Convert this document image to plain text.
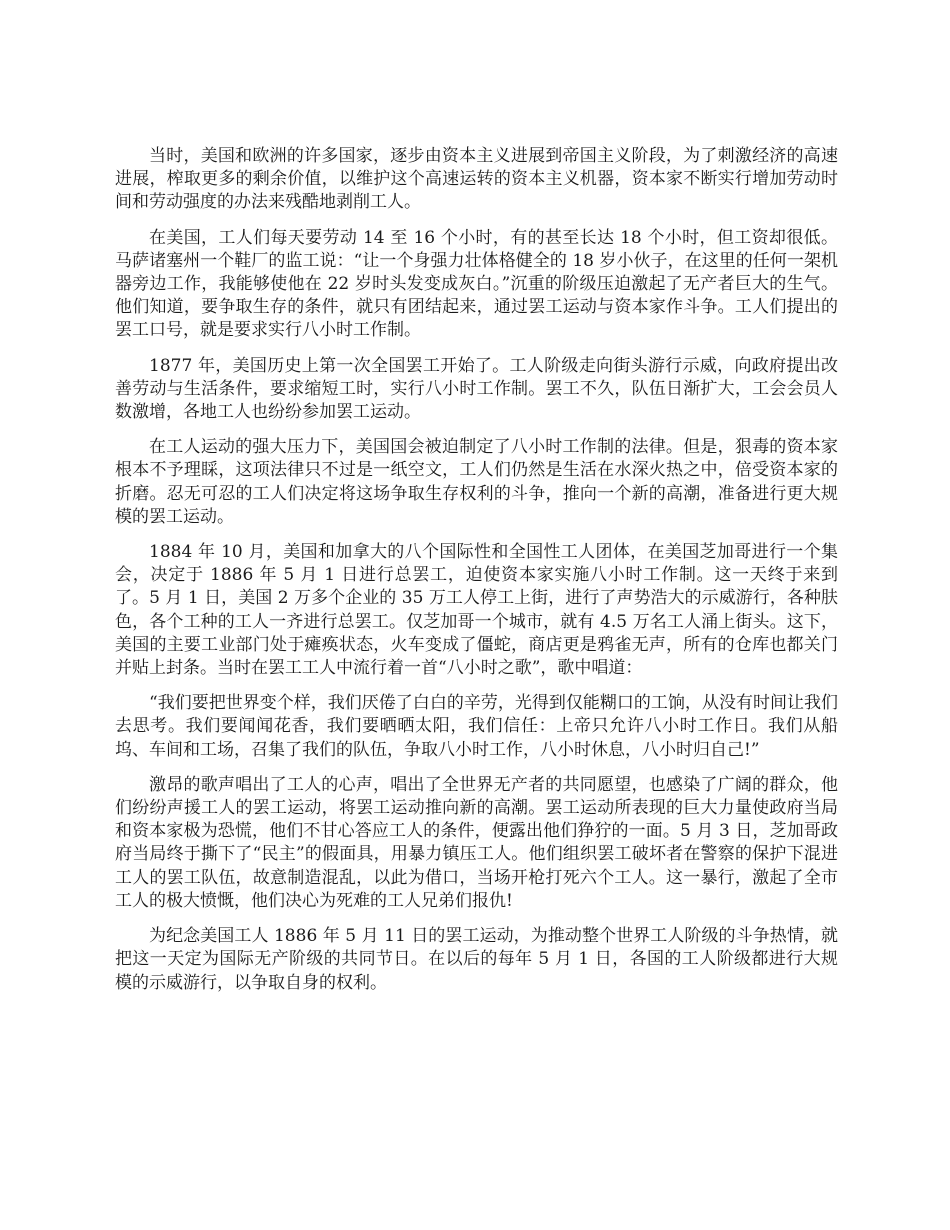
当时，美国和欧洲的许多国家，逐步由资本主义进展到帝国主义阶段，为了刺激经济的高速进展，榨取更多的剩余价值，以维护这个高速运转的资本主义机器，资本家不断实行增加劳动时间和劳动强度的办法来残酷地剥削工人。

在美国，工人们每天要劳动 14 至 16 个小时，有的甚至长达 18 个小时，但工资却很低。马萨诸塞州一个鞋厂的监工说：“让一个身强力壮体格健全的 18 岁小伙子，在这里的任何一架机器旁边工作，我能够使他在 22 岁时头发变成灰白。”沉重的阶级压迫激起了无产者巨大的生气。他们知道，要争取生存的条件，就只有团结起来，通过罢工运动与资本家作斗争。工人们提出的罢工口号，就是要求实行八小时工作制。

1877 年，美国历史上第一次全国罢工开始了。工人阶级走向街头游行示威，向政府提出改善劳动与生活条件，要求缩短工时，实行八小时工作制。罢工不久，队伍日渐扩大，工会会员人数激增，各地工人也纷纷参加罢工运动。

在工人运动的强大压力下，美国国会被迫制定了八小时工作制的法律。但是，狠毒的资本家根本不予理睬，这项法律只不过是一纸空文，工人们仍然是生活在水深火热之中，倍受资本家的折磨。忍无可忍的工人们决定将这场争取生存权利的斗争，推向一个新的高潮，准备进行更大规模的罢工运动。

1884 年 10 月，美国和加拿大的八个国际性和全国性工人团体，在美国芝加哥进行一个集会，决定于 1886 年 5 月 1 日进行总罢工，迫使资本家实施八小时工作制。这一天终于来到了。5 月 1 日，美国 2 万多个企业的 35 万工人停工上街，进行了声势浩大的示威游行，各种肤色，各个工种的工人一齐进行总罢工。仅芝加哥一个城市，就有 4.5 万名工人涌上街头。这下，美国的主要工业部门处于瘫痪状态，火车变成了僵蛇，商店更是鸦雀无声，所有的仓库也都关门并贴上封条。当时在罢工工人中流行着一首“八小时之歌”，歌中唱道：

“我们要把世界变个样，我们厌倦了白白的辛劳，光得到仅能糊口的工饷，从没有时间让我们去思考。我们要闻闻花香，我们要晒晒太阳，我们信任：上帝只允许八小时工作日。我们从船坞、车间和工场，召集了我们的队伍，争取八小时工作，八小时休息，八小时归自己!”

激昂的歌声唱出了工人的心声，唱出了全世界无产者的共同愿望，也感染了广阔的群众，他们纷纷声援工人的罢工运动，将罢工运动推向新的高潮。罢工运动所表现的巨大力量使政府当局和资本家极为恐慌，他们不甘心答应工人的条件，便露出他们狰狞的一面。5 月 3 日，芝加哥政府当局终于撕下了“民主”的假面具，用暴力镇压工人。他们组织罢工破坏者在警察的保护下混进工人的罢工队伍，故意制造混乱，以此为借口，当场开枪打死六个工人。这一暴行，激起了全市工人的极大愤慨，他们决心为死难的工人兄弟们报仇!

为纪念美国工人 1886 年 5 月 11 日的罢工运动，为推动整个世界工人阶级的斗争热情，就把这一天定为国际无产阶级的共同节日。在以后的每年 5 月 1 日，各国的工人阶级都进行大规模的示威游行，以争取自身的权利。
